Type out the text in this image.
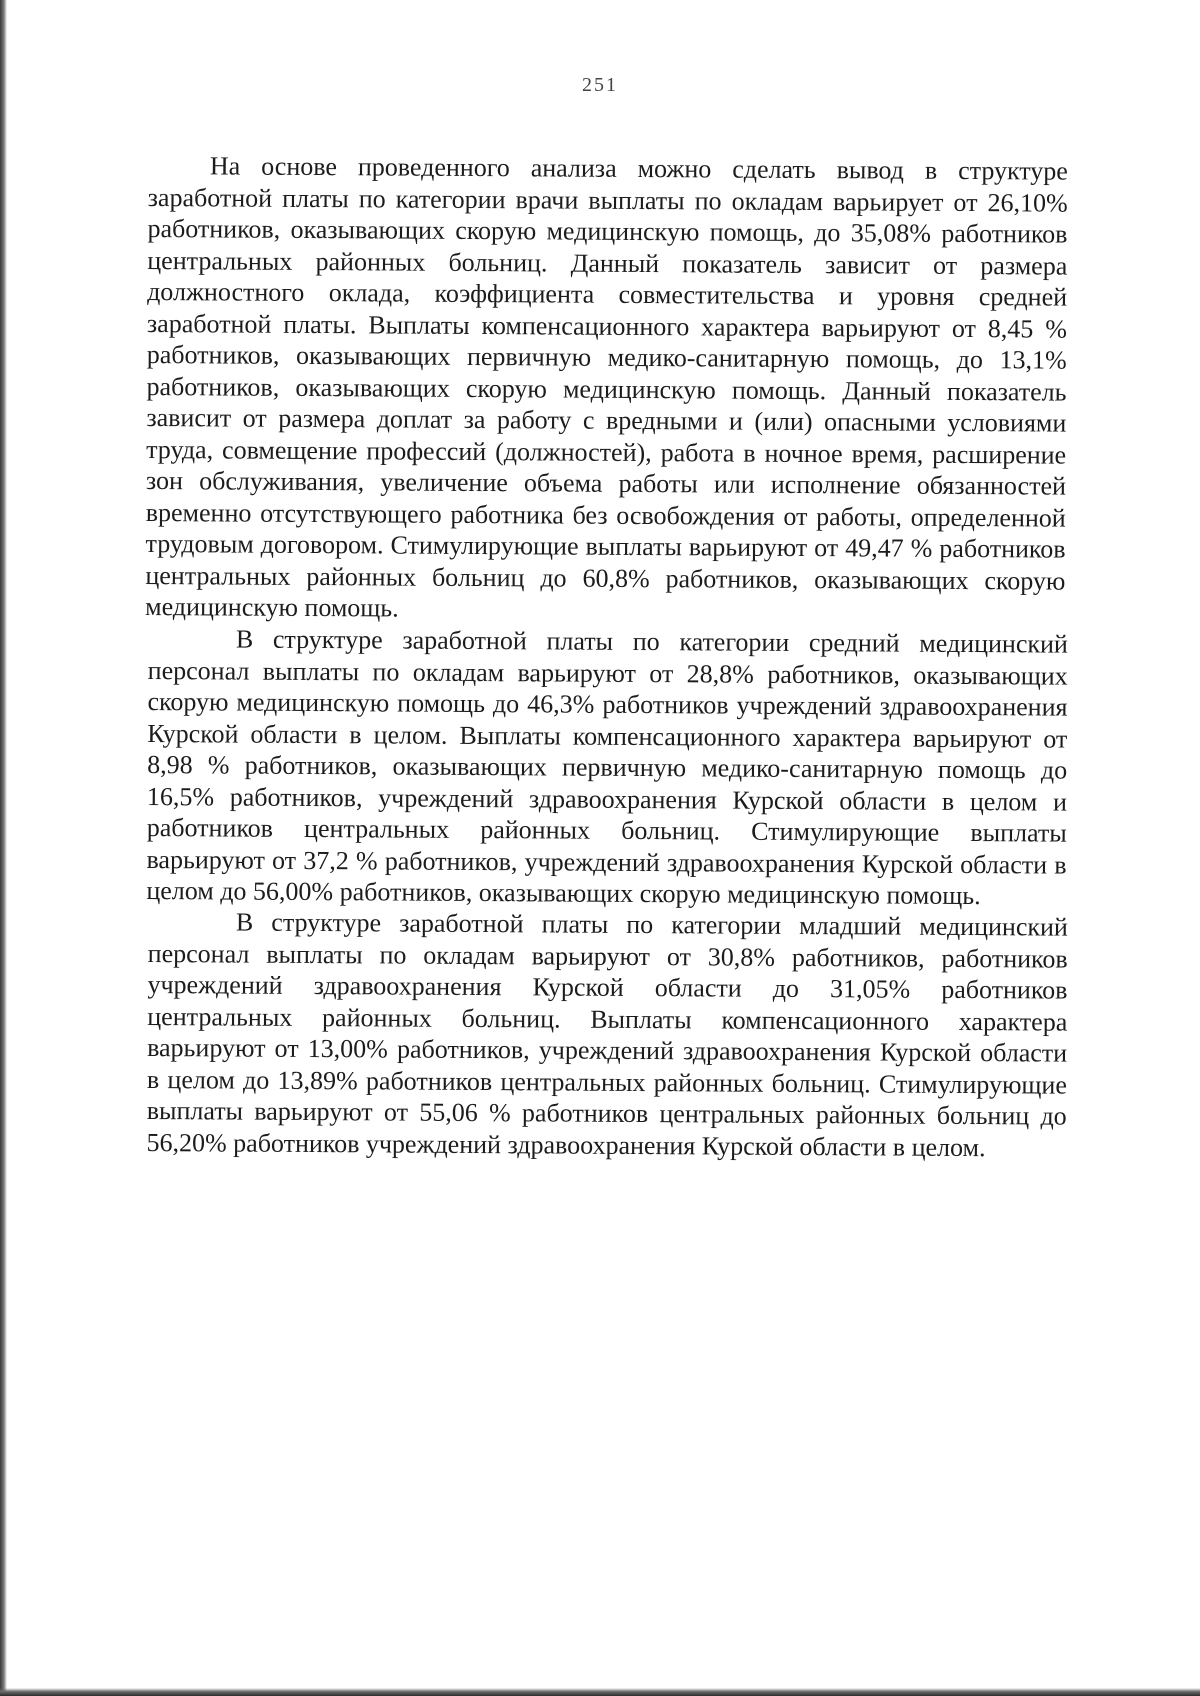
251

На основе проведенного анализа можно сделать вывод в структуре заработной платы по категории врачи выплаты по окладам варьирует от 26,10% работников, оказывающих скорую медицинскую помощь, до 35,08% работников центральных районных больниц. Данный показатель зависит от размера должностного оклада, коэффициента совместительства и уровня средней заработной платы. Выплаты компенсационного характера варьируют от 8,45 % работников, оказывающих первичную медико-санитарную помощь, до 13,1% работников, оказывающих скорую медицинскую помощь. Данный показатель зависит от размера доплат за работу с вредными и (или) опасными условиями труда, совмещение профессий (должностей), работа в ночное время, расширение зон обслуживания, увеличение объема работы или исполнение обязанностей временно отсутствующего работника без освобождения от работы, определенной трудовым договором. Стимулирующие выплаты варьируют от 49,47 % работников центральных районных больниц до 60,8% работников, оказывающих скорую медицинскую помощь.

В структуре заработной платы по категории средний медицинский персонал выплаты по окладам варьируют от 28,8% работников, оказывающих скорую медицинскую помощь до 46,3% работников учреждений здравоохранения Курской области в целом. Выплаты компенсационного характера варьируют от 8,98 % работников, оказывающих первичную медико-санитарную помощь до 16,5% работников, учреждений здравоохранения Курской области в целом и работников центральных районных больниц. Стимулирующие выплаты варьируют от 37,2 % работников, учреждений здравоохранения Курской области в целом до 56,00% работников, оказывающих скорую медицинскую помощь.

В структуре заработной платы по категории младший медицинский персонал выплаты по окладам варьируют от 30,8% работников, работников учреждений здравоохранения Курской области до 31,05% работников центральных районных больниц. Выплаты компенсационного характера варьируют от 13,00% работников, учреждений здравоохранения Курской области в целом до 13,89% работников центральных районных больниц. Стимулирующие выплаты варьируют от 55,06 % работников центральных районных больниц до 56,20% работников учреждений здравоохранения Курской области в целом.
